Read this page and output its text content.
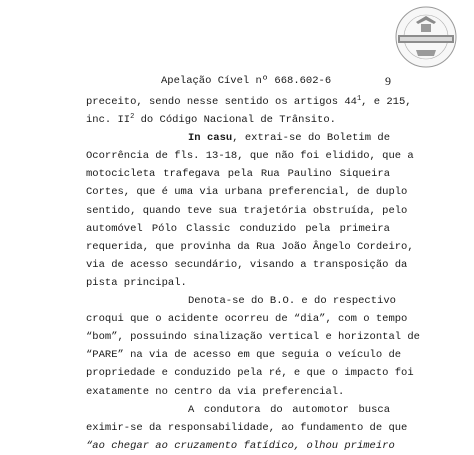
Apelação Cível nº 668.602-6	9
preceito, sendo nesse sentido os artigos $44^1$, e 215,
inc. $II^2$ do Código Nacional de Trânsito.
In casu, extrai-se do Boletim de
Ocorrência de fls. 13-18, que não foi elidido, que a
motocicleta trafegava pela Rua Paulino Siqueira
Cortes, que é uma via urbana preferencial, de duplo
sentido, quando teve sua trajetória obstruída, pelo
automóvel Pólo Classic conduzido pela primeira
requerida, que provinha da Rua João Ângelo Cordeiro,
via de acesso secundário, visando a transposição da
pista principal.
Denota-se do B.O. e do respectivo
croqui que o acidente ocorreu de “dia”, com o tempo
“bom”, possuindo sinalização vertical e horizontal de
“PARE” na via de acesso em que seguia o veículo de
propriedade e conduzido pela ré, e que o impacto foi
exatamente no centro da via preferencial.
A condutora do automotor busca
eximir-se da responsabilidade, ao fundamento de que
“ao chegar ao cruzamento fatídico, olhou primeiro
